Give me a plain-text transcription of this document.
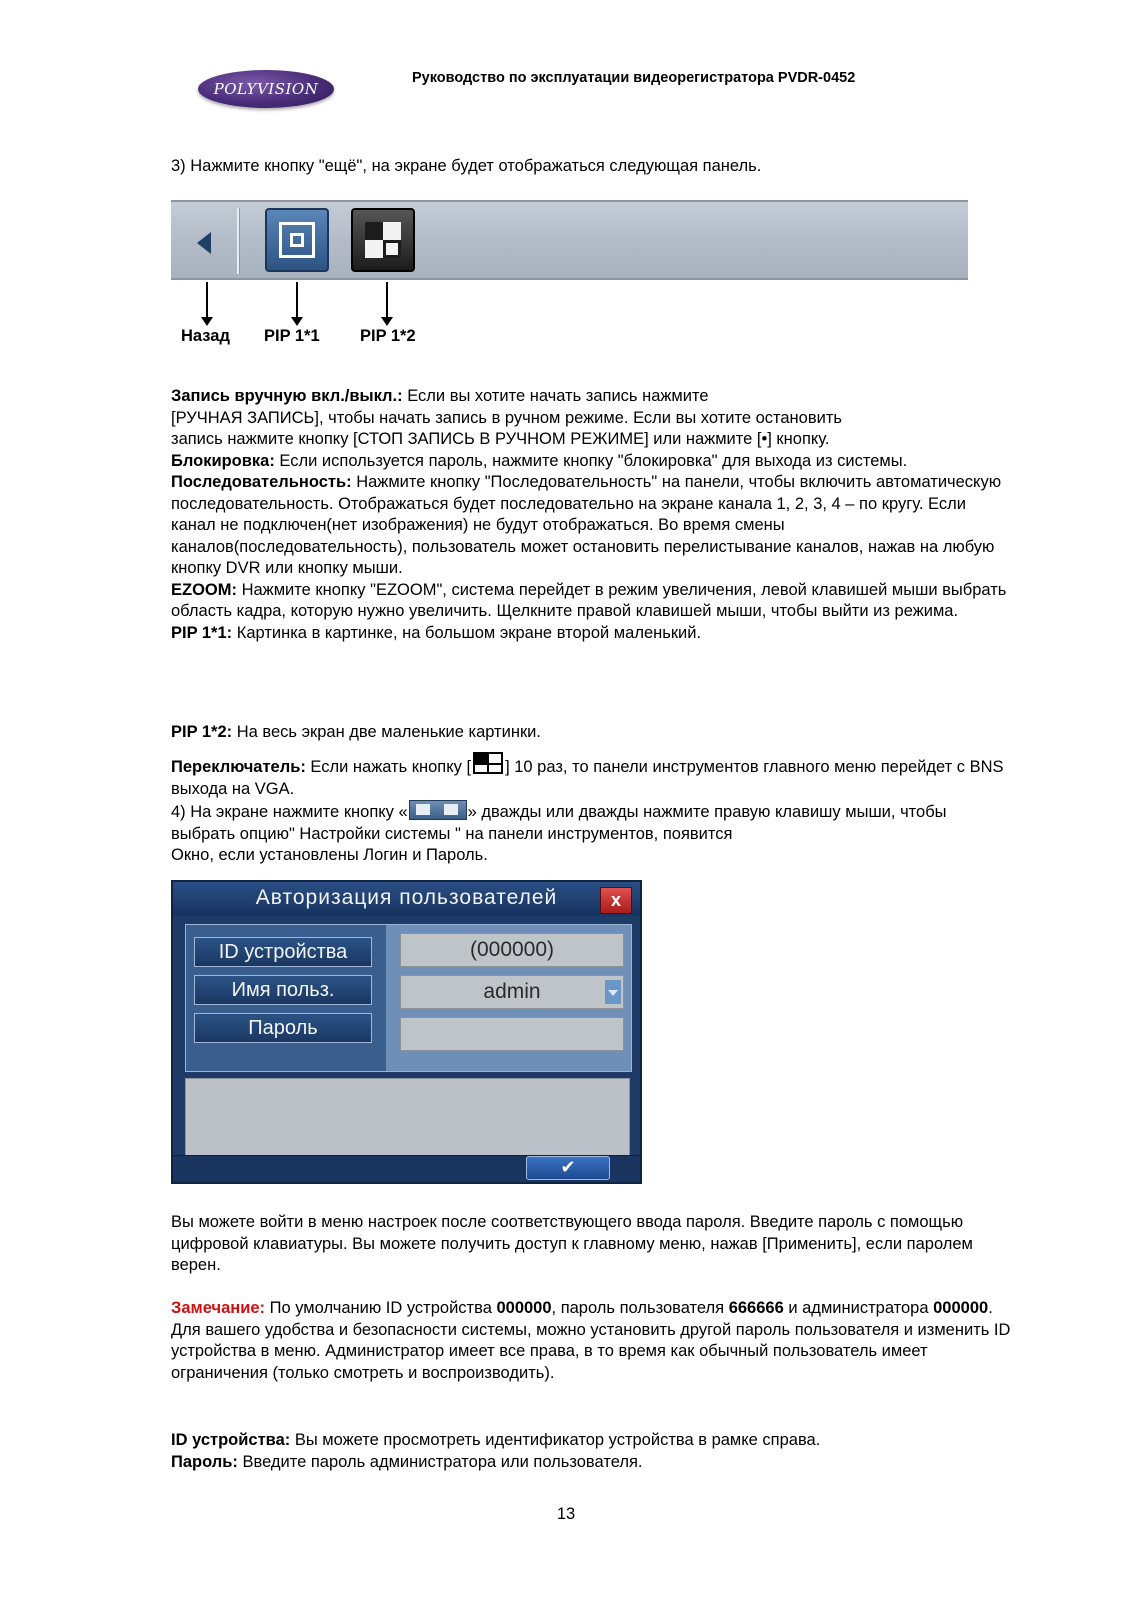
POLYVISION
Руководство по эксплуатации видеорегистратора PVDR-0452
3) Нажмите кнопку "ещё", на экране будет отображаться следующая панель.
Назад PIP 1*1 PIP 1*2
Запись вручную вкл./выкл.: Если вы хотите начать запись нажмите
[РУЧНАЯ ЗАПИСЬ], чтобы начать запись в ручном режиме. Если вы хотите остановить
запись нажмите кнопку [СТОП ЗАПИСЬ В РУЧНОМ РЕЖИМЕ] или нажмите [•] кнопку.
Блокировка: Если используется пароль, нажмите кнопку "блокировка" для выхода из системы.
Последовательность: Нажмите кнопку "Последовательность" на панели, чтобы включить автоматическую последовательность. Отображаться будет последовательно на экране канала 1, 2, 3, 4 – по кругу. Если канал не подключен(нет изображения) не будут отображаться. Во время смены каналов(последовательность), пользователь может остановить перелистывание каналов, нажав на любую кнопку DVR или кнопку мыши.
EZOOM: Нажмите кнопку "EZOOM", система перейдет в режим увеличения, левой клавишей мыши выбрать область кадра, которую нужно увеличить. Щелкните правой клавишей мыши, чтобы выйти из режима.
PIP 1*1: Картинка в картинке, на большом экране второй маленький.
PIP 1*2: На весь экран две маленькие картинки.
Переключатель: Если нажать кнопку [ ] 10 раз, то панели инструментов главного меню перейдет с BNS выхода на VGA.
4) На экране нажмите кнопку «	» дважды или дважды нажмите правую клавишу мыши, чтобы выбрать опцию" Настройки системы " на панели инструментов, появится
Окно, если установлены Логин и Пароль.
Авторизация пользователей	x
ID устройства
Имя польз.
Пароль
(000000)
admin
✔
Вы можете войти в меню настроек после соответствующего ввода пароля. Введите пароль с помощью цифровой клавиатуры. Вы можете получить доступ к главному меню, нажав [Применить], если паролем верен.
Замечание: По умолчанию ID устройства 000000, пароль пользователя 666666 и администратора 000000. Для вашего удобства и безопасности системы, можно установить другой пароль пользователя и изменить ID устройства в меню. Администратор имеет все права, в то время как обычный пользователь имеет ограничения (только смотреть и воспроизводить).
ID устройства: Вы можете просмотреть идентификатор устройства в рамке справа.
Пароль: Введите пароль администратора или пользователя.
13
